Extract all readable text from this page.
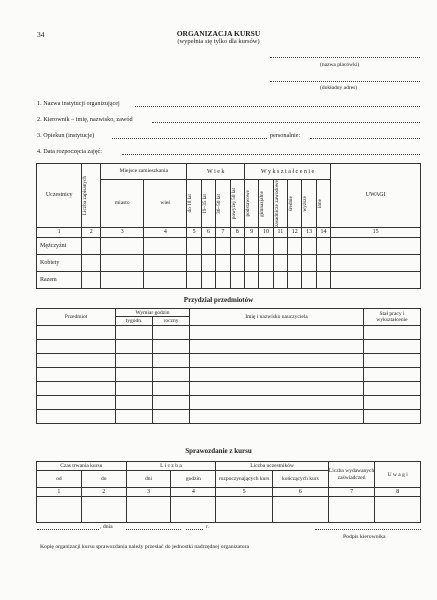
34	ORGANIZACJA KURSU
(wypełnia się tylko dla kursów)
(nazwa placówki)
(dokładny adres)
1. Nazwa instytucji organizującej
2. Kierownik – imię, nazwisko, zawód
3. Opiekun (instytucje)	personalnie:
4. Data rozpoczęcia zajęć:
Uczestnicy	Liczba zapisanych	Miejsce zamieszkania		W i e k				W y k s z t a ł c e n i e						UWAGI
		miasto	wieś	do 18 lat	19–35 lat	36–50 lat	powyżej 50 lat	podstawowe	gimnazjalne	zasadnicze zawodowe	średnie	wyższe	inne	

1	2	3	4	5	6	7	8	9	10	11	12	13	14	15
Mężczyźni														
Kobiety														
Razem														
Przydział przedmiotów
Przedmiot	Wymiar godzin		Imię i nazwisko nauczyciela	Stał pracy i wykształcenie
	tygodn.	roczny		

Sprawozdanie z kursu
Czas trwania kursu		L i c z b a		Liczba uczestników		Liczba wydawanych zaświadczeń	U w a g i
od	do	dni	godzin	rozpoczynających kurs	kończących kurs		
1	2	3	4	5	6	7	8

, dnia	r.
Podpis kierownika
Kopię organizacji kursu sprawozdania należy przesłać do jednostki nadrzędnej organizatora
